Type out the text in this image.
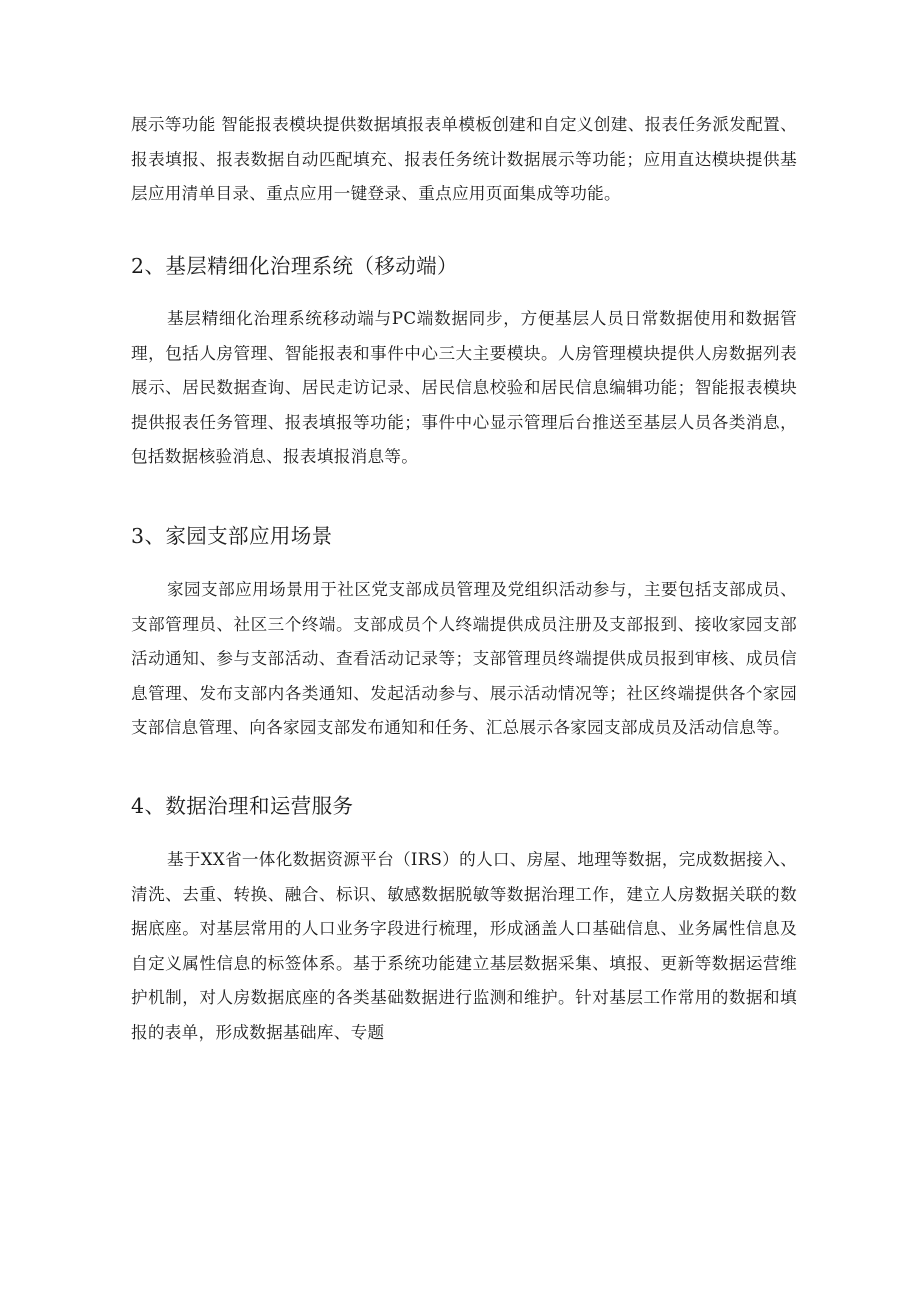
展示等功能 智能报表模块提供数据填报表单模板创建和自定义创建、报表任务派发配置、报表填报、报表数据自动匹配填充、报表任务统计数据展示等功能；应用直达模块提供基层应用清单目录、重点应用一键登录、重点应用页面集成等功能。

2、基层精细化治理系统（移动端）

基层精细化治理系统移动端与PC端数据同步，方便基层人员日常数据使用和数据管理，包括人房管理、智能报表和事件中心三大主要模块。人房管理模块提供人房数据列表展示、居民数据查询、居民走访记录、居民信息校验和居民信息编辑功能；智能报表模块提供报表任务管理、报表填报等功能；事件中心显示管理后台推送至基层人员各类消息，包括数据核验消息、报表填报消息等。

3、家园支部应用场景

家园支部应用场景用于社区党支部成员管理及党组织活动参与，主要包括支部成员、支部管理员、社区三个终端。支部成员个人终端提供成员注册及支部报到、接收家园支部活动通知、参与支部活动、查看活动记录等；支部管理员终端提供成员报到审核、成员信息管理、发布支部内各类通知、发起活动参与、展示活动情况等；社区终端提供各个家园支部信息管理、向各家园支部发布通知和任务、汇总展示各家园支部成员及活动信息等。

4、数据治理和运营服务

基于XX省一体化数据资源平台（IRS）的人口、房屋、地理等数据，完成数据接入、清洗、去重、转换、融合、标识、敏感数据脱敏等数据治理工作，建立人房数据关联的数据底座。对基层常用的人口业务字段进行梳理，形成涵盖人口基础信息、业务属性信息及自定义属性信息的标签体系。基于系统功能建立基层数据采集、填报、更新等数据运营维护机制，对人房数据底座的各类基础数据进行监测和维护。针对基层工作常用的数据和填报的表单，形成数据基础库、专题
